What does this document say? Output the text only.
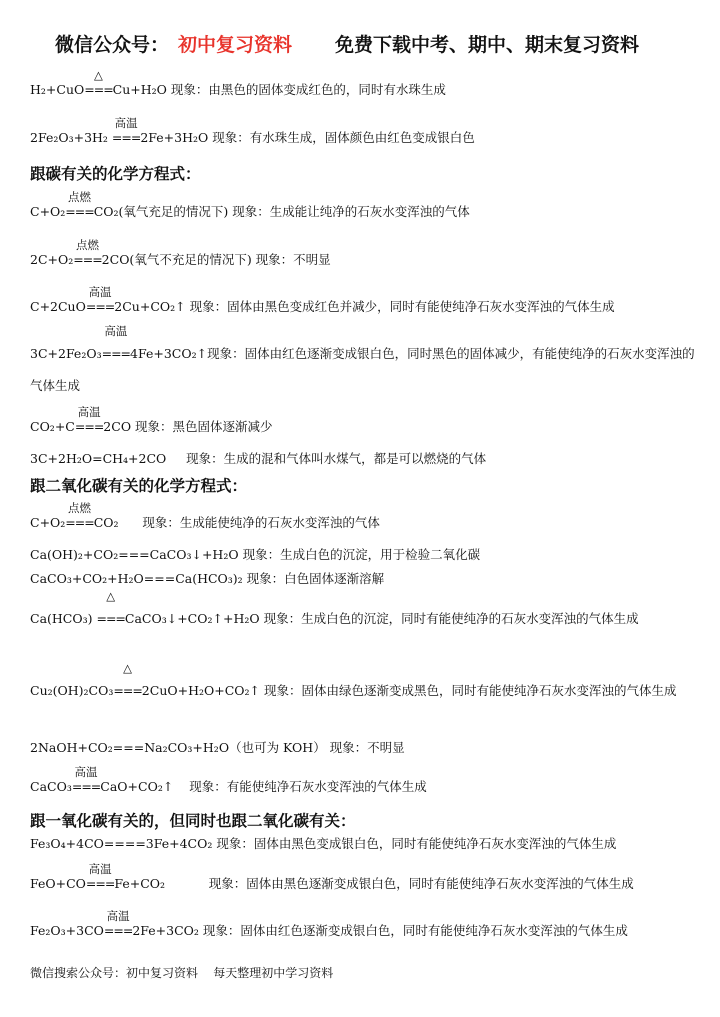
微信公众号： 初中复习资料 免费下载中考、期中、期末复习资料
H₂+CuO
△
===Cu+H₂O 现象：由黑色的固体变成红色的，同时有水珠生成
2Fe₂O₃+3H₂
高温
===2Fe+3H₂O 现象：有水珠生成，固体颜色由红色变成银白色
跟碳有关的化学方程式：
C+O₂
点燃
===CO₂(氧气充足的情况下) 现象：生成能让纯净的石灰水变浑浊的气体
2C+O₂
点燃
===2CO(氧气不充足的情况下) 现象：不明显
C+2CuO
高温
===2Cu+CO₂↑ 现象：固体由黑色变成红色并减少，同时有能使纯净石灰水变浑浊的气体生成
3C+2Fe₂O₃
高温
===4Fe+3CO₂↑现象：固体由红色逐渐变成银白色，同时黑色的固体减少，有能使纯净的石灰水变浑浊的气体生成
CO₂+C
高温
===2CO 现象：黑色固体逐渐减少
3C+2H₂O=CH₄+2CO     现象：生成的混和气体叫水煤气，都是可以燃烧的气体
跟二氧化碳有关的化学方程式：
C+O₂
点燃
===CO₂      现象：生成能使纯净的石灰水变浑浊的气体
Ca(OH)₂+CO₂===CaCO₃↓+H₂O 现象：生成白色的沉淀，用于检验二氧化碳
CaCO₃+CO₂+H₂O===Ca(HCO₃)₂ 现象：白色固体逐渐溶解
Ca(HCO₃)
△
===CaCO₃↓+CO₂↑+H₂O 现象：生成白色的沉淀，同时有能使纯净的石灰水变浑浊的气体生成
Cu₂(OH)₂CO₃
△
===2CuO+H₂O+CO₂↑ 现象：固体由绿色逐渐变成黑色，同时有能使纯净石灰水变浑浊的气体生成
2NaOH+CO₂===Na₂CO₃+H₂O（也可为 KOH） 现象：不明显
CaCO₃
高温
===CaO+CO₂↑    现象：有能使纯净石灰水变浑浊的气体生成
跟一氧化碳有关的，但同时也跟二氧化碳有关：
Fe₃O₄+4CO====3Fe+4CO₂ 现象：固体由黑色变成银白色，同时有能使纯净石灰水变浑浊的气体生成
FeO+CO
高温
===Fe+CO₂           现象：固体由黑色逐渐变成银白色，同时有能使纯净石灰水变浑浊的气体生成
Fe₂O₃+3CO
高温
===2Fe+3CO₂ 现象：固体由红色逐渐变成银白色，同时有能使纯净石灰水变浑浊的气体生成
微信搜索公众号：初中复习资料    每天整理初中学习资料
